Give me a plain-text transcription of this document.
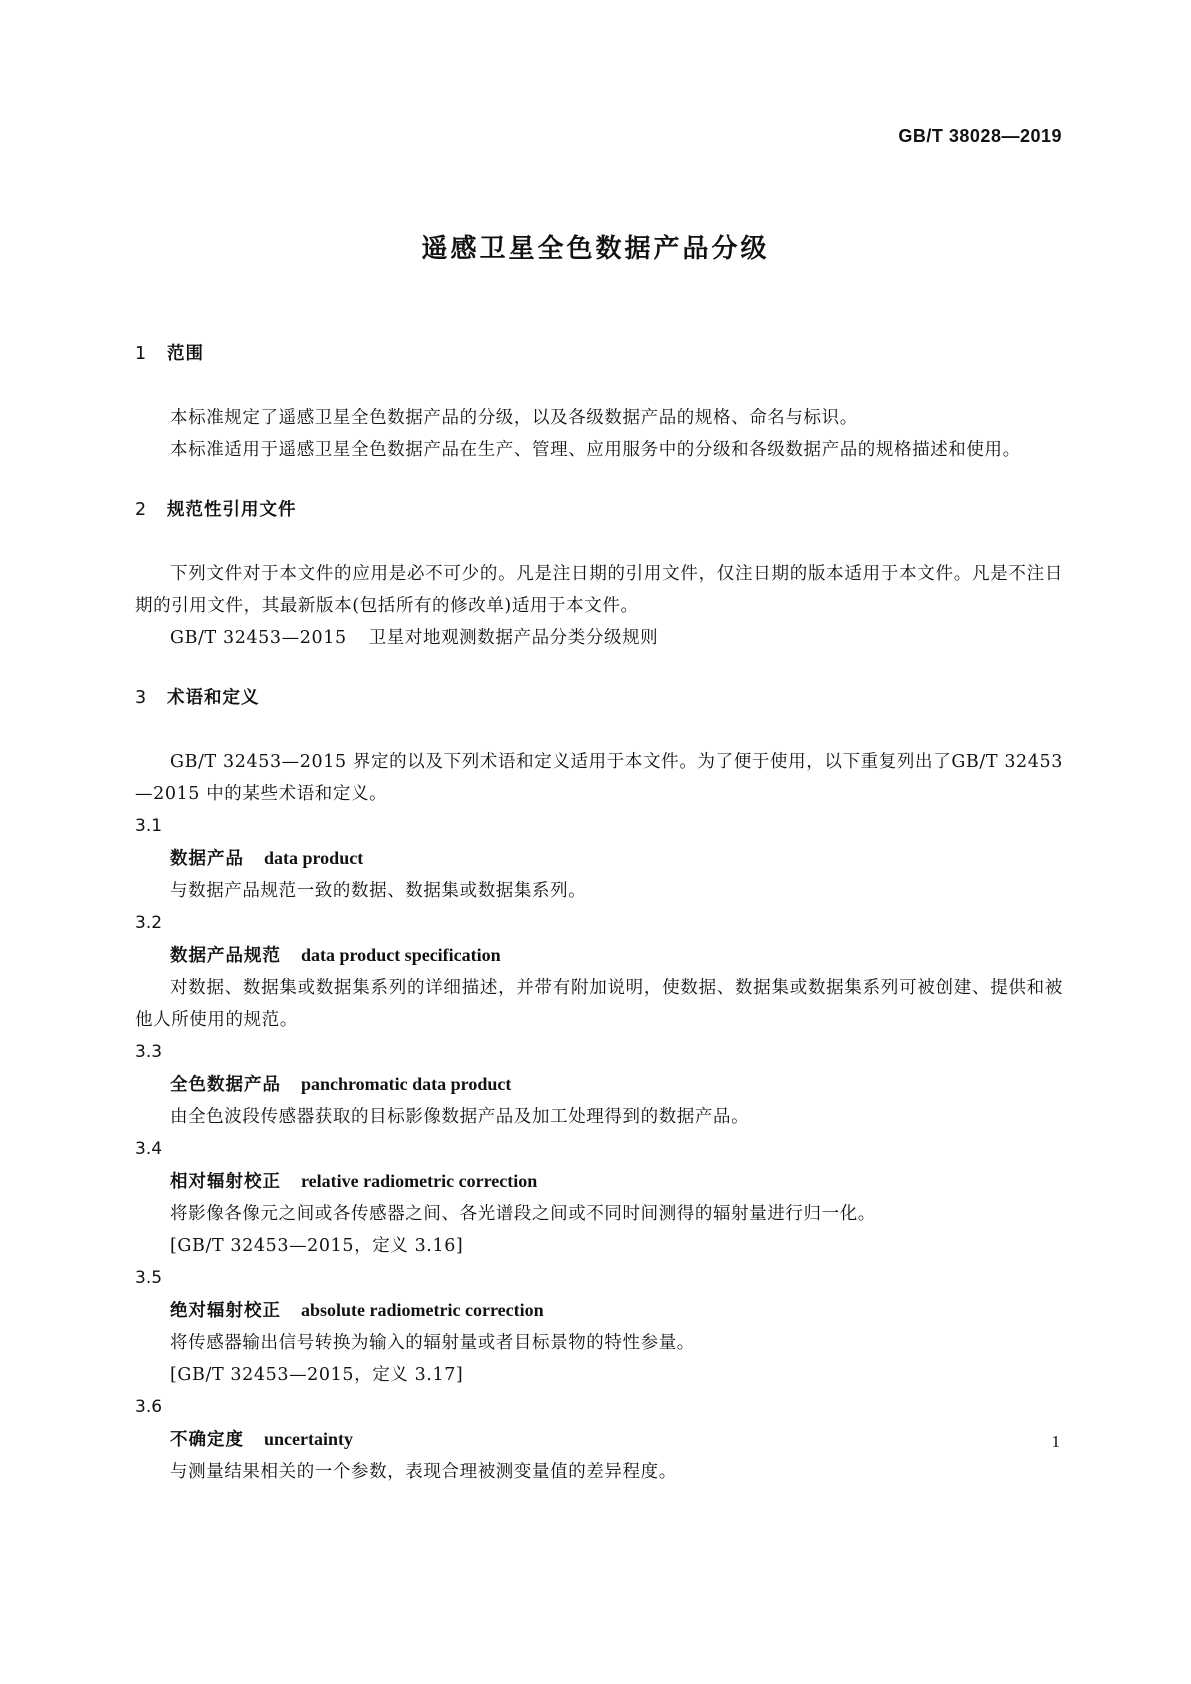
GB/T 38028—2019
遥感卫星全色数据产品分级

1 范围

本标准规定了遥感卫星全色数据产品的分级，以及各级数据产品的规格、命名与标识。

本标准适用于遥感卫星全色数据产品在生产、管理、应用服务中的分级和各级数据产品的规格描述和使用。

2 规范性引用文件

下列文件对于本文件的应用是必不可少的。凡是注日期的引用文件，仅注日期的版本适用于本文件。凡是不注日期的引用文件，其最新版本(包括所有的修改单)适用于本文件。

GB/T 32453—2015 卫星对地观测数据产品分类分级规则

3 术语和定义

GB/T 32453—2015 界定的以及下列术语和定义适用于本文件。为了便于使用，以下重复列出了GB/T 32453—2015 中的某些术语和定义。

3.1

数据产品 data product

与数据产品规范一致的数据、数据集或数据集系列。

3.2

数据产品规范 data product specification

对数据、数据集或数据集系列的详细描述，并带有附加说明，使数据、数据集或数据集系列可被创建、提供和被他人所使用的规范。

3.3

全色数据产品 panchromatic data product

由全色波段传感器获取的目标影像数据产品及加工处理得到的数据产品。

3.4

相对辐射校正 relative radiometric correction

将影像各像元之间或各传感器之间、各光谱段之间或不同时间测得的辐射量进行归一化。

[GB/T 32453—2015，定义 3.16]

3.5

绝对辐射校正 absolute radiometric correction

将传感器输出信号转换为输入的辐射量或者目标景物的特性参量。

[GB/T 32453—2015，定义 3.17]

3.6

不确定度 uncertainty

与测量结果相关的一个参数，表现合理被测变量值的差异程度。

1
